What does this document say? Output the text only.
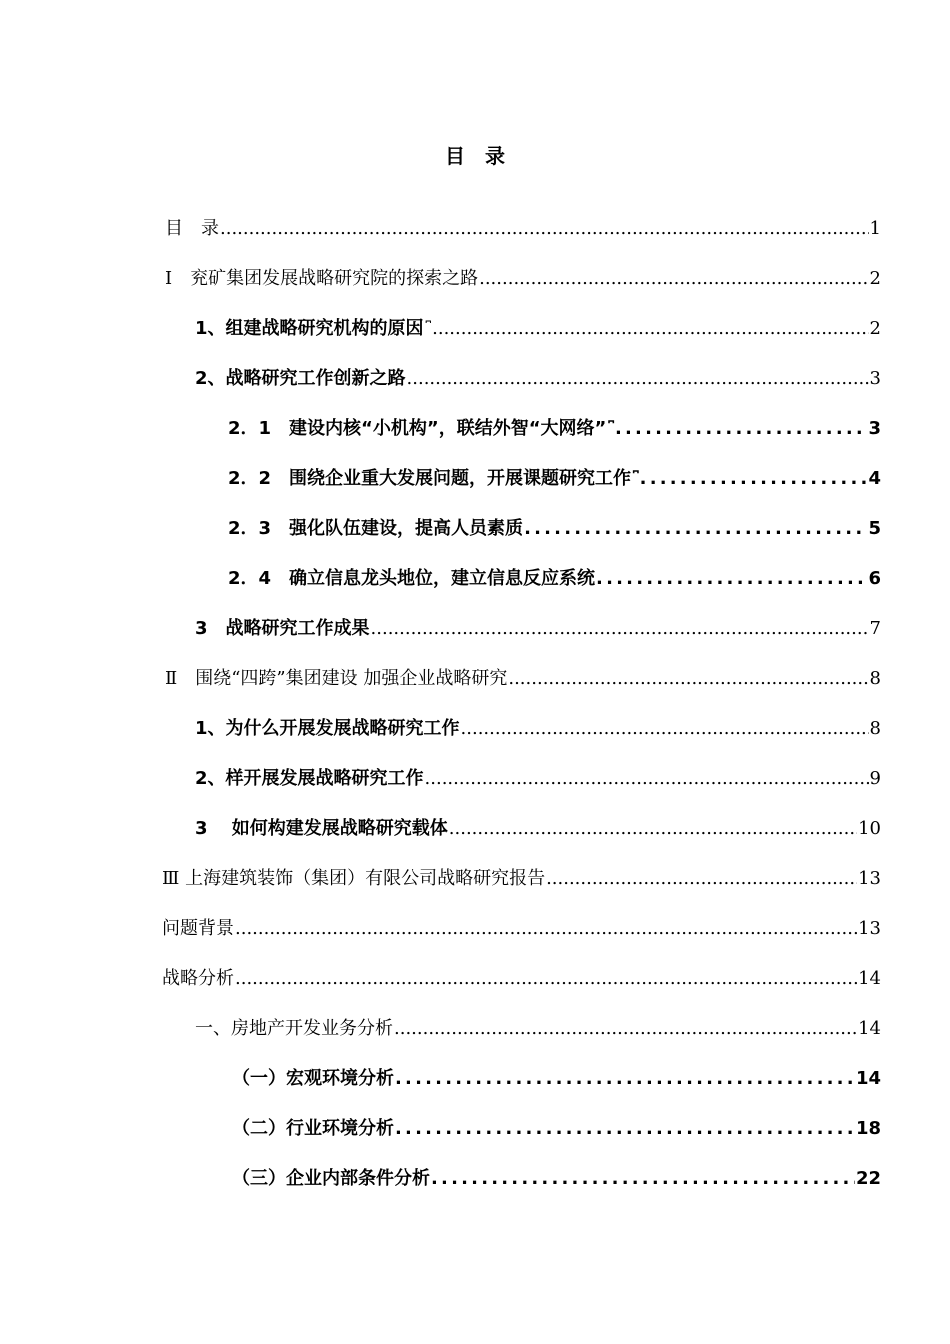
目　录
目　录 .....	1
Ⅰ　兖矿集团发展战略研究院的探索之路 .....	2
1、组建战略研究机构的原因 ⎴ .....	2
2、战略研究工作创新之路 .....	3
2．1　建设内核“小机构”，联结外智“大网络” ⎴ .....	3
2．2　围绕企业重大发展问题，开展课题研究工作 ⎴ .....	4
2．3　强化队伍建设，提高人员素质 .....	5
2．4　确立信息龙头地位，建立信息反应系统 .....	6
3　战略研究工作成果 .....	7
Ⅱ　围绕“四跨”集团建设 加强企业战略研究 .....	8
1、为什么开展发展战略研究工作 .....	8
2、样开展发展战略研究工作 .....	9
3　 如何构建发展战略研究载体 .....	10
Ⅲ 上海建筑装饰（集团）有限公司战略研究报告 .....	13
问题背景 .....	13
战略分析 .....	14
一、房地产开发业务分析 .....	14
（一）宏观环境分析 .....	14
（二）行业环境分析 .....	18
（三）企业内部条件分析 .....	22
